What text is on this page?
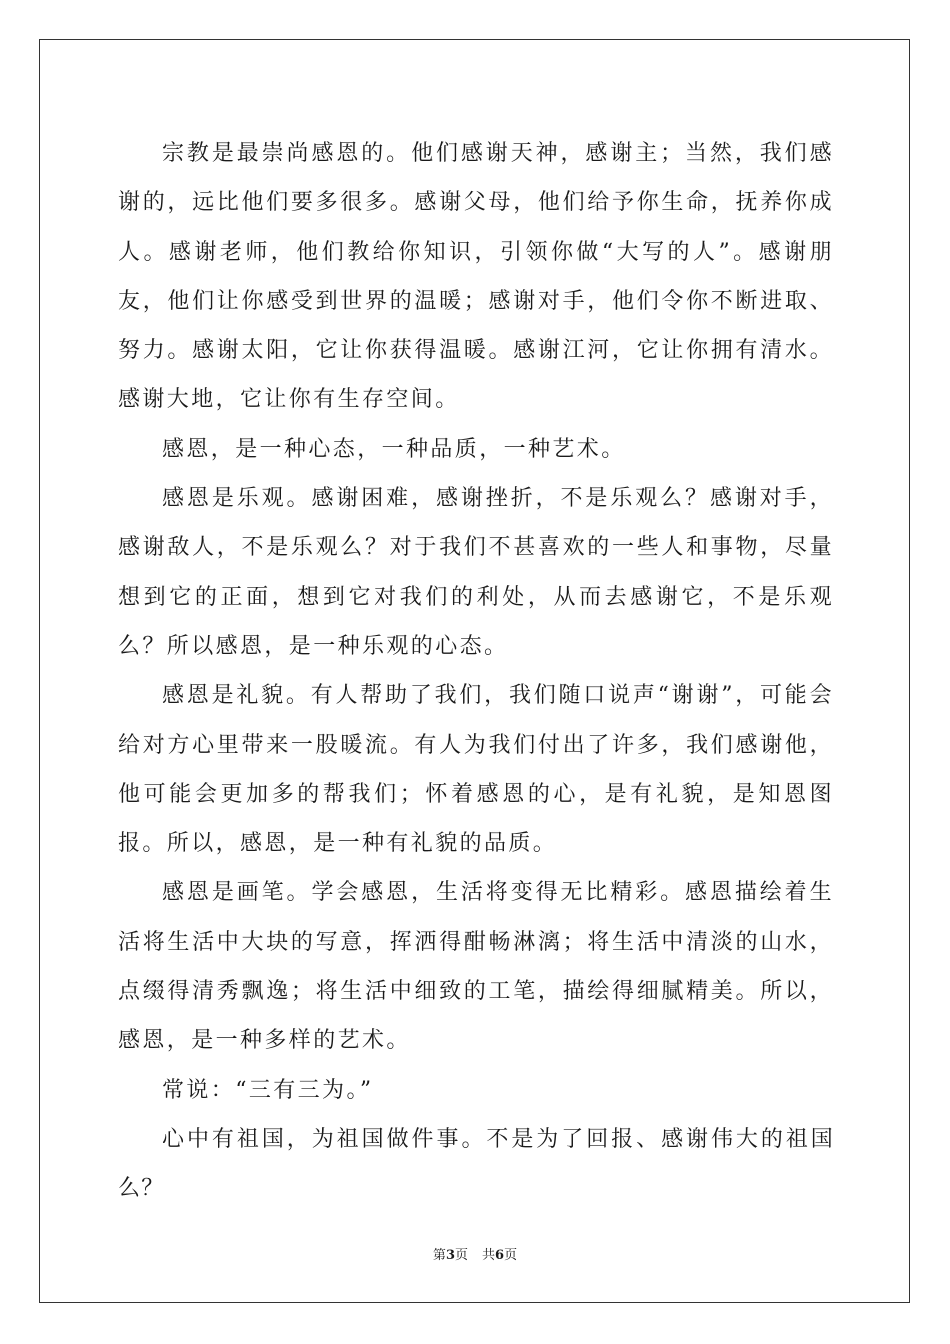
宗教是最崇尚感恩的。他们感谢天神，感谢主；当然，我们感谢的，远比他们要多很多。感谢父母，他们给予你生命，抚养你成人。感谢老师，他们教给你知识，引领你做“大写的人”。感谢朋友，他们让你感受到世界的温暖；感谢对手，他们令你不断进取、努力。感谢太阳，它让你获得温暖。感谢江河，它让你拥有清水。感谢大地，它让你有生存空间。

感恩，是一种心态，一种品质，一种艺术。

感恩是乐观。感谢困难，感谢挫折，不是乐观么？感谢对手，感谢敌人，不是乐观么？对于我们不甚喜欢的一些人和事物，尽量想到它的正面，想到它对我们的利处，从而去感谢它，不是乐观么？所以感恩，是一种乐观的心态。

感恩是礼貌。有人帮助了我们，我们随口说声“谢谢”，可能会给对方心里带来一股暖流。有人为我们付出了许多，我们感谢他，他可能会更加多的帮我们；怀着感恩的心，是有礼貌，是知恩图报。所以，感恩，是一种有礼貌的品质。

感恩是画笔。学会感恩，生活将变得无比精彩。感恩描绘着生活将生活中大块的写意，挥洒得酣畅淋漓；将生活中清淡的山水，点缀得清秀飘逸；将生活中细致的工笔，描绘得细腻精美。所以，感恩，是一种多样的艺术。

常说：“三有三为。”

心中有祖国，为祖国做件事。不是为了回报、感谢伟大的祖国么？

第3页 共6页
